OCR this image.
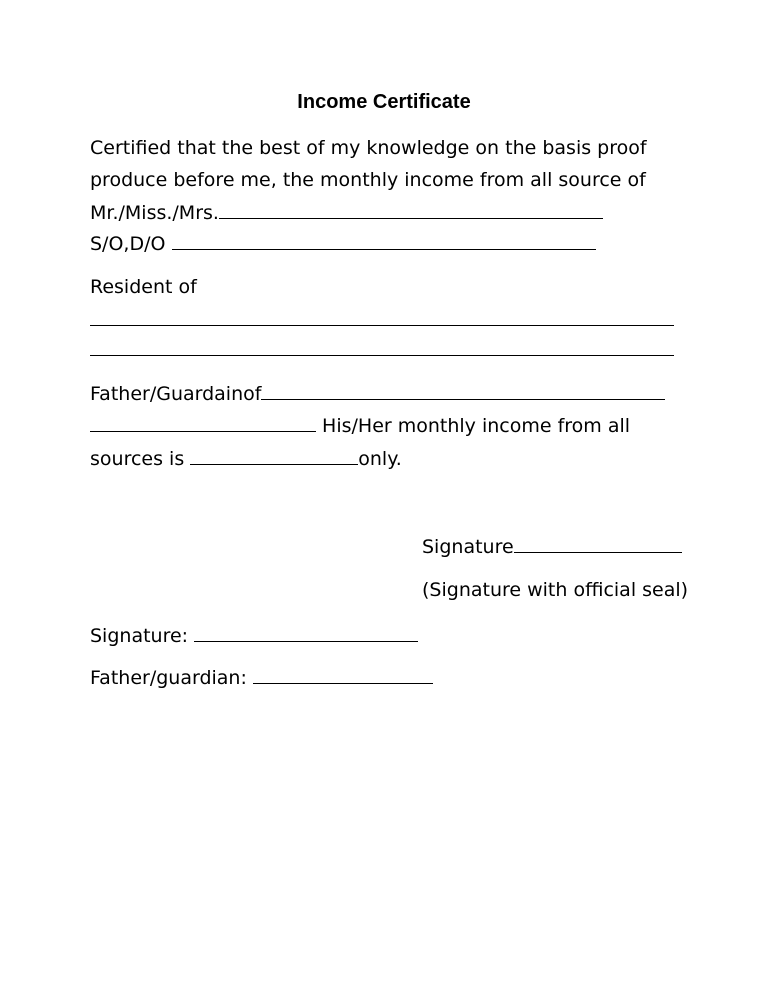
Income Certificate
Certified that the best of my knowledge on the basis proof
produce before me, the monthly income from all source of
Mr./Miss./Mrs.
S/O,D/O
Resident of
Father/Guardainof
His/Her monthly income from all
sources is	only.
Signature
(Signature with official seal)
Signature:
Father/guardian:
